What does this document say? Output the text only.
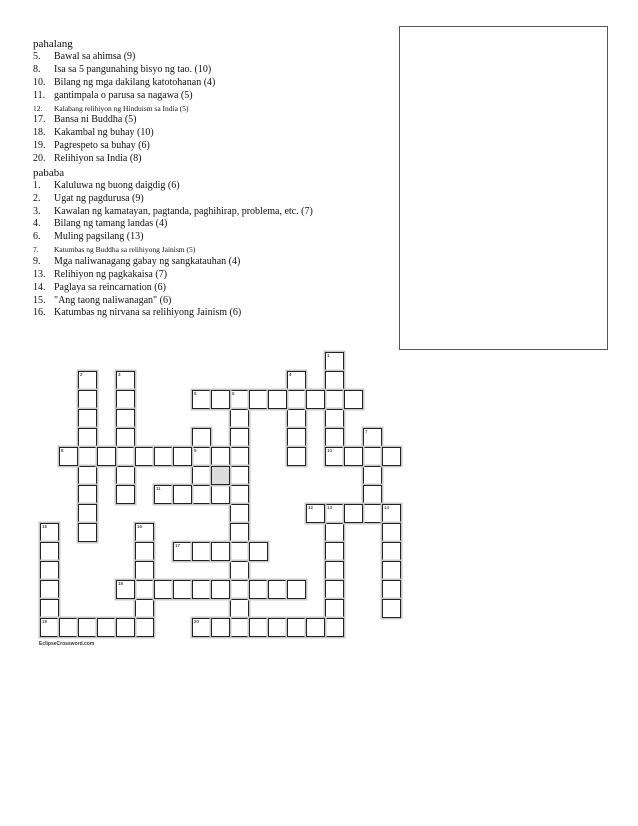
pahalang
5. Bawal sa ahimsa (9)
8. Isa sa 5 pangunahing bisyo ng tao. (10)
10. Bilang ng mga dakilang katotohanan (4)
11. gantimpala o parusa sa nagawa (5)
12. Kalabang relihiyon ng Hinduism sa India (5)
17. Bansa ni Buddha (5)
18. Kakambal ng buhay (10)
19. Pagrespeto sa buhay (6)
20. Relihiyon sa India (8)
pababa
1. Kaluluwa ng buong daigdig (6)
2. Ugat ng pagdurusa (9)
3. Kawalan ng kamatayan, pagtanda, paghihirap, problema, etc. (7)
4. Bilang ng tamang landas (4)
6. Muling pagsilang (13)
7. Katumbas ng Buddha sa relihiyong Jainism (5)
9. Mga naliwanagang gabay ng sangkatauhan (4)
13. Relihiyon ng pagkakaisa (7)
14. Paglaya sa reincarnation (6)
15. "Ang taong naliwanagan" (6)
16. Katumbas ng nirvana sa relihiyong Jainism (6)
2	3	4
1
10
6
7
9
13	14
15
19
16
5
8
11
12
17
18
20
EclipseCrossword.com
